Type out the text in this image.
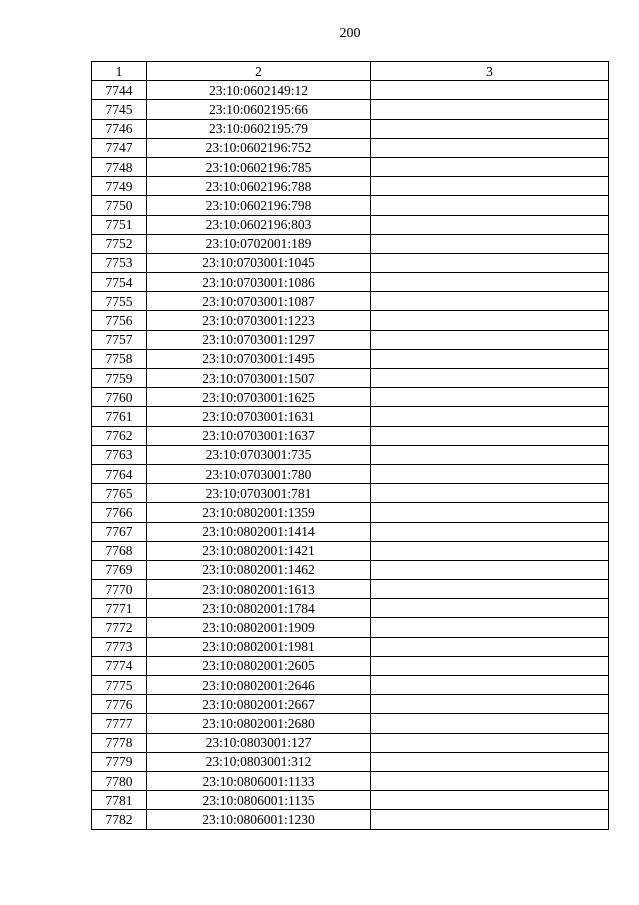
200
1	2	3
7744	23:10:0602149:12	
7745	23:10:0602195:66	
7746	23:10:0602195:79	
7747	23:10:0602196:752	
7748	23:10:0602196:785	
7749	23:10:0602196:788	
7750	23:10:0602196:798	
7751	23:10:0602196:803	
7752	23:10:0702001:189	
7753	23:10:0703001:1045	
7754	23:10:0703001:1086	
7755	23:10:0703001:1087	
7756	23:10:0703001:1223	
7757	23:10:0703001:1297	
7758	23:10:0703001:1495	
7759	23:10:0703001:1507	
7760	23:10:0703001:1625	
7761	23:10:0703001:1631	
7762	23:10:0703001:1637	
7763	23:10:0703001:735	
7764	23:10:0703001:780	
7765	23:10:0703001:781	
7766	23:10:0802001:1359	
7767	23:10:0802001:1414	
7768	23:10:0802001:1421	
7769	23:10:0802001:1462	
7770	23:10:0802001:1613	
7771	23:10:0802001:1784	
7772	23:10:0802001:1909	
7773	23:10:0802001:1981	
7774	23:10:0802001:2605	
7775	23:10:0802001:2646	
7776	23:10:0802001:2667	
7777	23:10:0802001:2680	
7778	23:10:0803001:127	
7779	23:10:0803001:312	
7780	23:10:0806001:1133	
7781	23:10:0806001:1135	
7782	23:10:0806001:1230	
